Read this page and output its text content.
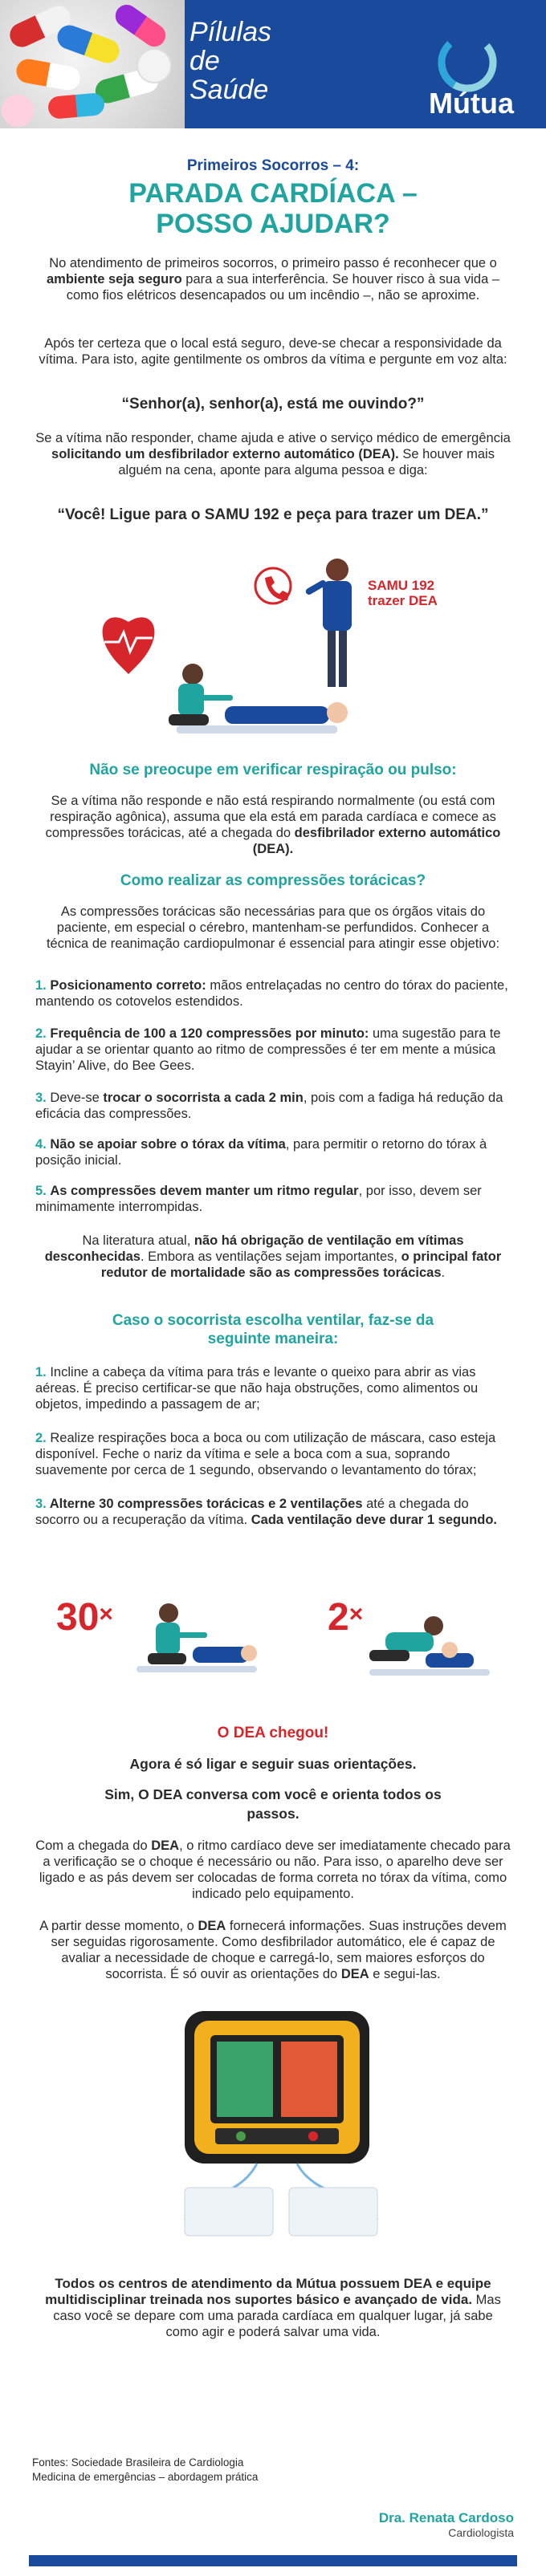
Pílulas
de
Saúde	Mútua
Primeiros Socorros – 4:
PARADA CARDÍACA –
POSSO AJUDAR?
No atendimento de primeiros socorros, o primeiro passo é reconhecer que o ambiente seja seguro para a sua interferência. Se houver risco à sua vida – como fios elétricos desencapados ou um incêndio –, não se aproxime.
Após ter certeza que o local está seguro, deve-se checar a responsividade da vítima. Para isto, agite gentilmente os ombros da vítima e pergunte em voz alta:
“Senhor(a), senhor(a), está me ouvindo?”
Se a vítima não responder, chame ajuda e ative o serviço médico de emergência solicitando um desfibrilador externo automático (DEA). Se houver mais alguém na cena, aponte para alguma pessoa e diga:
“Você! Ligue para o SAMU 192 e peça para trazer um DEA.”
SAMU 192
trazer DEA
Não se preocupe em verificar respiração ou pulso:
Se a vítima não responde e não está respirando normalmente (ou está com respiração agônica), assuma que ela está em parada cardíaca e comece as compressões torácicas, até a chegada do desfibrilador externo automático (DEA).
Como realizar as compressões torácicas?
As compressões torácicas são necessárias para que os órgãos vitais do paciente, em especial o cérebro, mantenham-se perfundidos. Conhecer a técnica de reanimação cardiopulmonar é essencial para atingir esse objetivo:
1. Posicionamento correto: mãos entrelaçadas no centro do tórax do paciente, mantendo os cotovelos estendidos.
2. Frequência de 100 a 120 compressões por minuto: uma sugestão para te ajudar a se orientar quanto ao ritmo de compressões é ter em mente a música Stayin’ Alive, do Bee Gees.
3. Deve-se trocar o socorrista a cada 2 min, pois com a fadiga há redução da eficácia das compressões.
4. Não se apoiar sobre o tórax da vítima, para permitir o retorno do tórax à posição inicial.
5. As compressões devem manter um ritmo regular, por isso, devem ser minimamente interrompidas.
Na literatura atual, não há obrigação de ventilação em vítimas desconhecidas. Embora as ventilações sejam importantes, o principal fator redutor de mortalidade são as compressões torácicas.
Caso o socorrista escolha ventilar, faz-se da
seguinte maneira:
1. Incline a cabeça da vítima para trás e levante o queixo para abrir as vias aéreas. É preciso certificar-se que não haja obstruções, como alimentos ou objetos, impedindo a passagem de ar;
2. Realize respirações boca a boca ou com utilização de máscara, caso esteja disponível. Feche o nariz da vítima e sele a boca com a sua, soprando suavemente por cerca de 1 segundo, observando o levantamento do tórax;
3. Alterne 30 compressões torácicas e 2 ventilações até a chegada do socorro ou a recuperação da vítima. Cada ventilação deve durar 1 segundo.
30×	2×
O DEA chegou!
Agora é só ligar e seguir suas orientações.
Sim, O DEA conversa com você e orienta todos os passos.
Com a chegada do DEA, o ritmo cardíaco deve ser imediatamente checado para a verificação se o choque é necessário ou não. Para isso, o aparelho deve ser ligado e as pás devem ser colocadas de forma correta no tórax da vítima, como indicado pelo equipamento.
A partir desse momento, o DEA fornecerá informações. Suas instruções devem ser seguidas rigorosamente. Como desfibrilador automático, ele é capaz de avaliar a necessidade de choque e carregá-lo, sem maiores esforços do socorrista. É só ouvir as orientações do DEA e segui-las.
Todos os centros de atendimento da Mútua possuem DEA e equipe multidisciplinar treinada nos suportes básico e avançado de vida. Mas caso você se depare com uma parada cardíaca em qualquer lugar, já sabe como agir e poderá salvar uma vida.
Fontes: Sociedade Brasileira de Cardiologia
Medicina de emergências – abordagem prática
Dra. Renata Cardoso
Cardiologista
